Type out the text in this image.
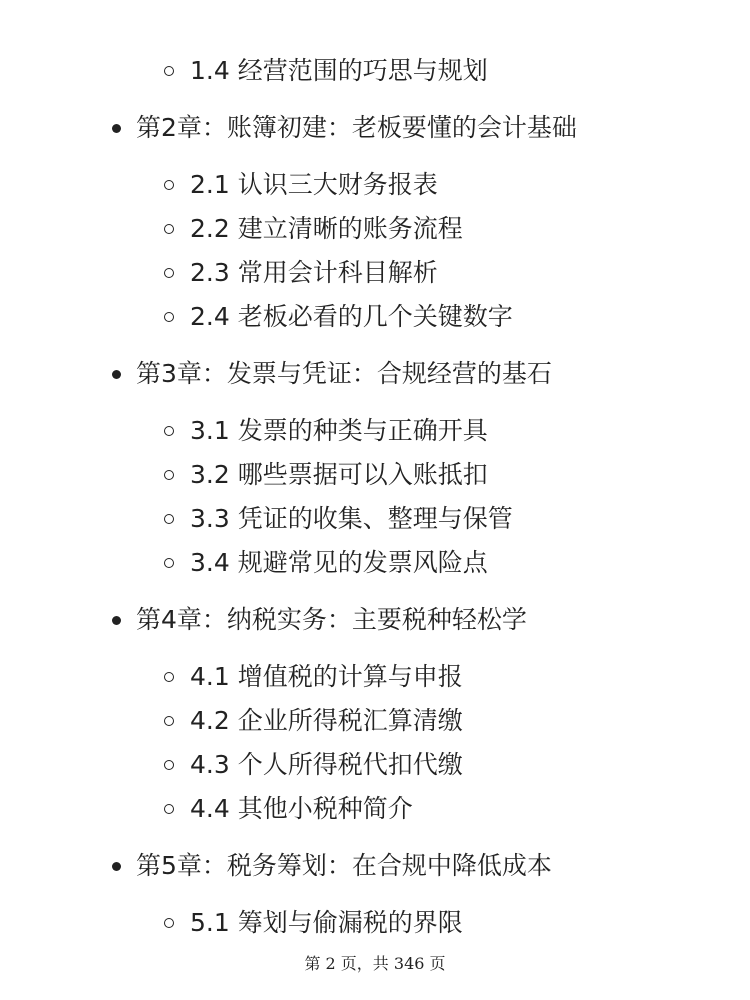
1.4 经营范围的巧思与规划
第2章：账簿初建：老板要懂的会计基础
2.1 认识三大财务报表
2.2 建立清晰的账务流程
2.3 常用会计科目解析
2.4 老板必看的几个关键数字
第3章：发票与凭证：合规经营的基石
3.1 发票的种类与正确开具
3.2 哪些票据可以入账抵扣
3.3 凭证的收集、整理与保管
3.4 规避常见的发票风险点
第4章：纳税实务：主要税种轻松学
4.1 增值税的计算与申报
4.2 企业所得税汇算清缴
4.3 个人所得税代扣代缴
4.4 其他小税种简介
第5章：税务筹划：在合规中降低成本
5.1 筹划与偷漏税的界限
第 2 页，共 346 页
